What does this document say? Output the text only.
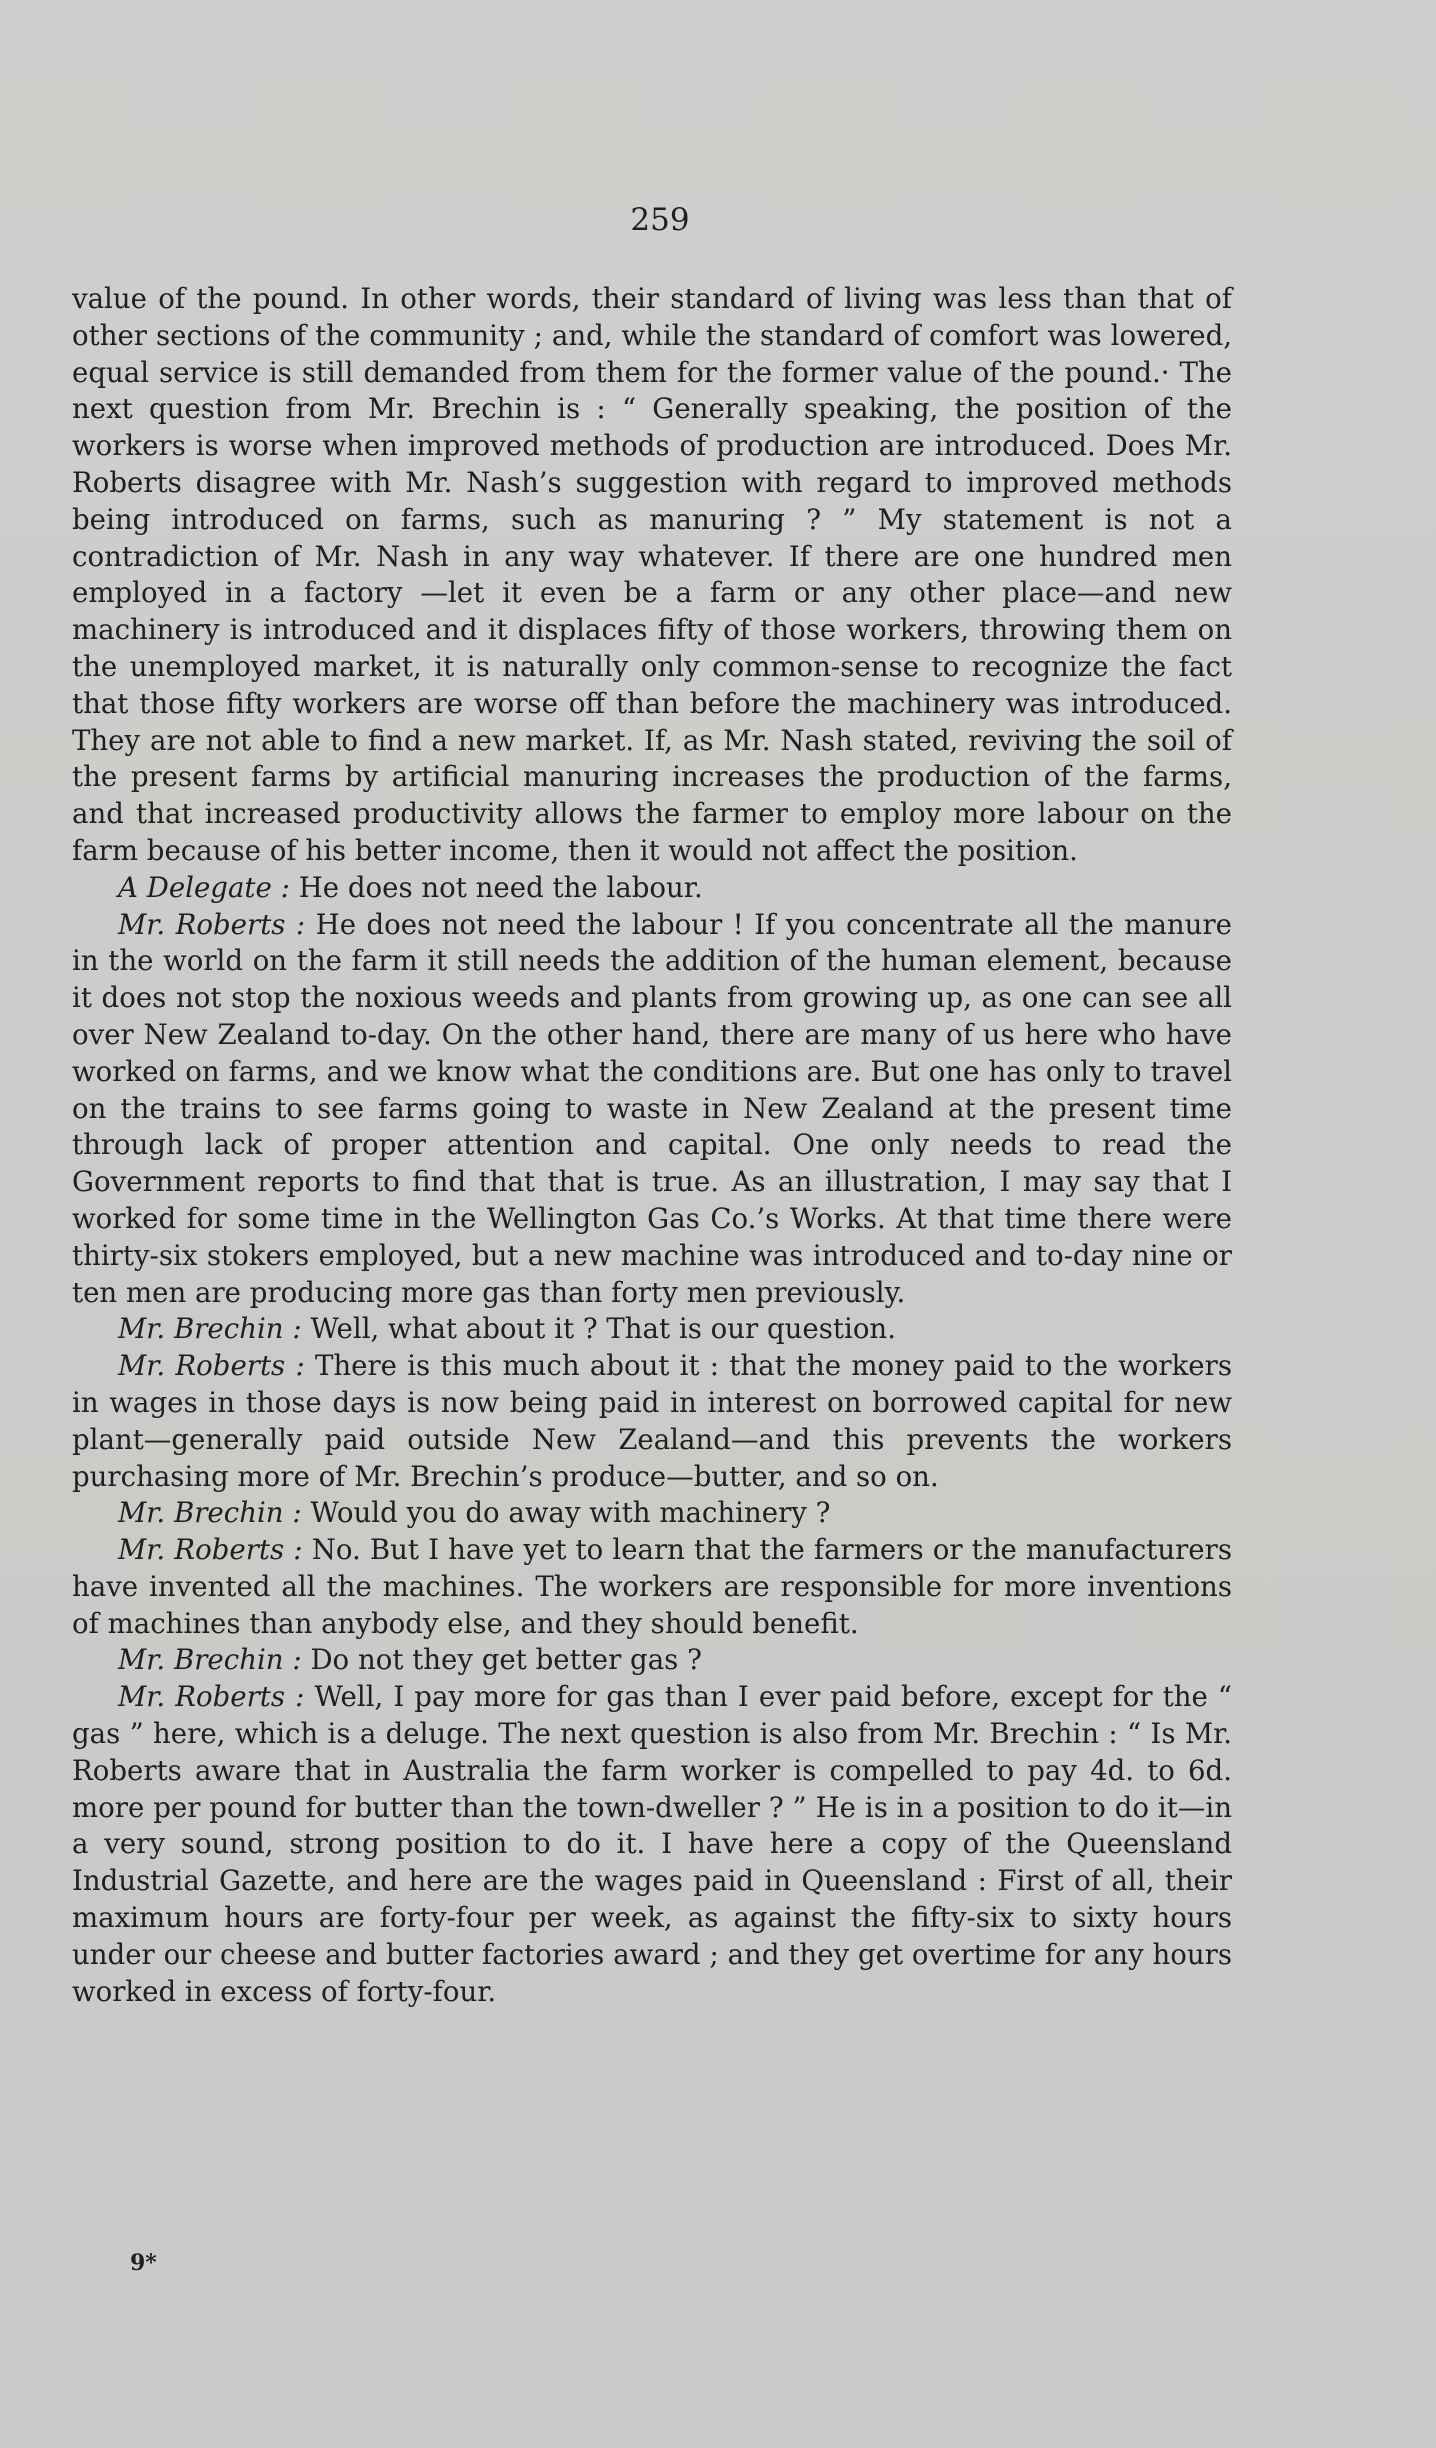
259

value of the pound. In other words, their standard of living was less than that of other sections of the community ; and, while the standard of comfort was lowered, equal service is still demanded from them for the former value of the pound.· The next question from Mr. Brechin is : “ Generally speaking, the position of the workers is worse when improved methods of production are introduced. Does Mr. Roberts disagree with Mr. Nash’s suggestion with regard to improved methods being introduced on farms, such as manuring ? ” My statement is not a contradiction of Mr. Nash in any way whatever. If there are one hundred men employed in a factory —let it even be a farm or any other place—and new machinery is introduced and it displaces fifty of those workers, throwing them on the unemployed market, it is naturally only common-sense to recognize the fact that those fifty workers are worse off than before the machinery was introduced. They are not able to find a new market. If, as Mr. Nash stated, reviving the soil of the present farms by artificial manuring increases the production of the farms, and that increased productivity allows the farmer to employ more labour on the farm because of his better income, then it would not affect the position.

A Delegate : He does not need the labour.

Mr. Roberts : He does not need the labour ! If you concentrate all the manure in the world on the farm it still needs the addition of the human element, because it does not stop the noxious weeds and plants from growing up, as one can see all over New Zealand to-day. On the other hand, there are many of us here who have worked on farms, and we know what the conditions are. But one has only to travel on the trains to see farms going to waste in New Zealand at the present time through lack of proper attention and capital. One only needs to read the Government reports to find that that is true. As an illustration, I may say that I worked for some time in the Wellington Gas Co.’s Works. At that time there were thirty-six stokers employed, but a new machine was introduced and to-day nine or ten men are producing more gas than forty men previously.

Mr. Brechin : Well, what about it ? That is our question.

Mr. Roberts : There is this much about it : that the money paid to the workers in wages in those days is now being paid in interest on borrowed capital for new plant—generally paid outside New Zealand—and this prevents the workers purchasing more of Mr. Brechin’s produce—butter, and so on.

Mr. Brechin : Would you do away with machinery ?

Mr. Roberts : No. But I have yet to learn that the farmers or the manufacturers have invented all the machines. The workers are responsible for more inventions of machines than anybody else, and they should benefit.

Mr. Brechin : Do not they get better gas ?

Mr. Roberts : Well, I pay more for gas than I ever paid before, except for the “ gas ” here, which is a deluge. The next question is also from Mr. Brechin : “ Is Mr. Roberts aware that in Australia the farm worker is compelled to pay 4d. to 6d. more per pound for butter than the town-dweller ? ” He is in a position to do it—in a very sound, strong position to do it. I have here a copy of the Queensland Industrial Gazette, and here are the wages paid in Queensland : First of all, their maximum hours are forty-four per week, as against the fifty-six to sixty hours under our cheese and butter factories award ; and they get overtime for any hours worked in excess of forty-four.

9*
